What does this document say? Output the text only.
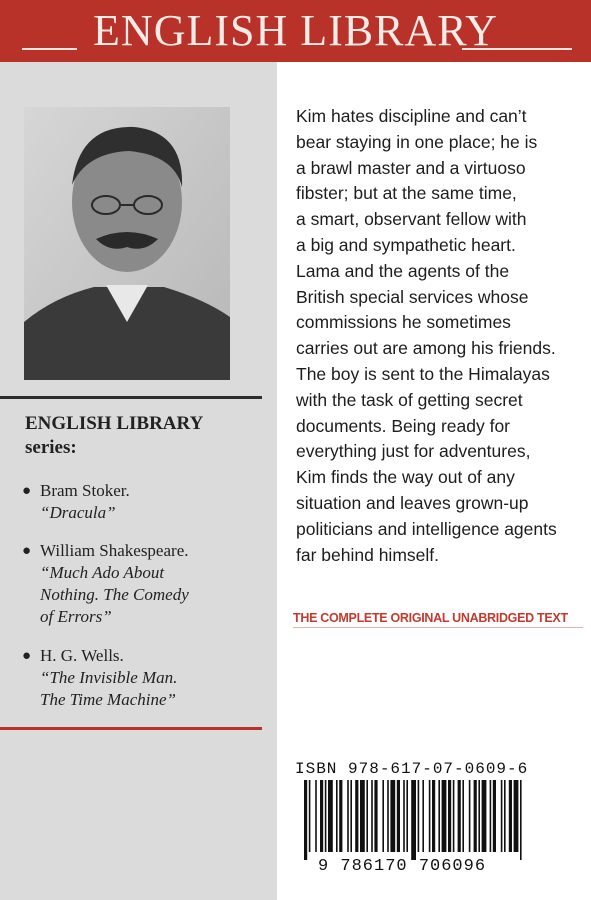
ENGLISH LIBRARY
ENGLISH LIBRARY
series:
● Bram Stoker.
“Dracula”
● William Shakespeare.
“Much Ado About
Nothing. The Comedy
of Errors”
● H. G. Wells.
“The Invisible Man.
The Time Machine”
Kim hates discipline and can’t
bear staying in one place; he is
a brawl master and a virtuoso
fibster; but at the same time,
a smart, observant fellow with
a big and sympathetic heart.
Lama and the agents of the
British special services whose
commissions he sometimes
carries out are among his friends.
The boy is sent to the Himalayas
with the task of getting secret
documents. Being ready for
everything just for adventures,
Kim finds the way out of any
situation and leaves grown-up
politicians and intelligence agents
far behind himself.
THE COMPLETE ORIGINAL UNABRIDGED TEXT
ISBN 978-617-07-0609-6
9 786170 706096
